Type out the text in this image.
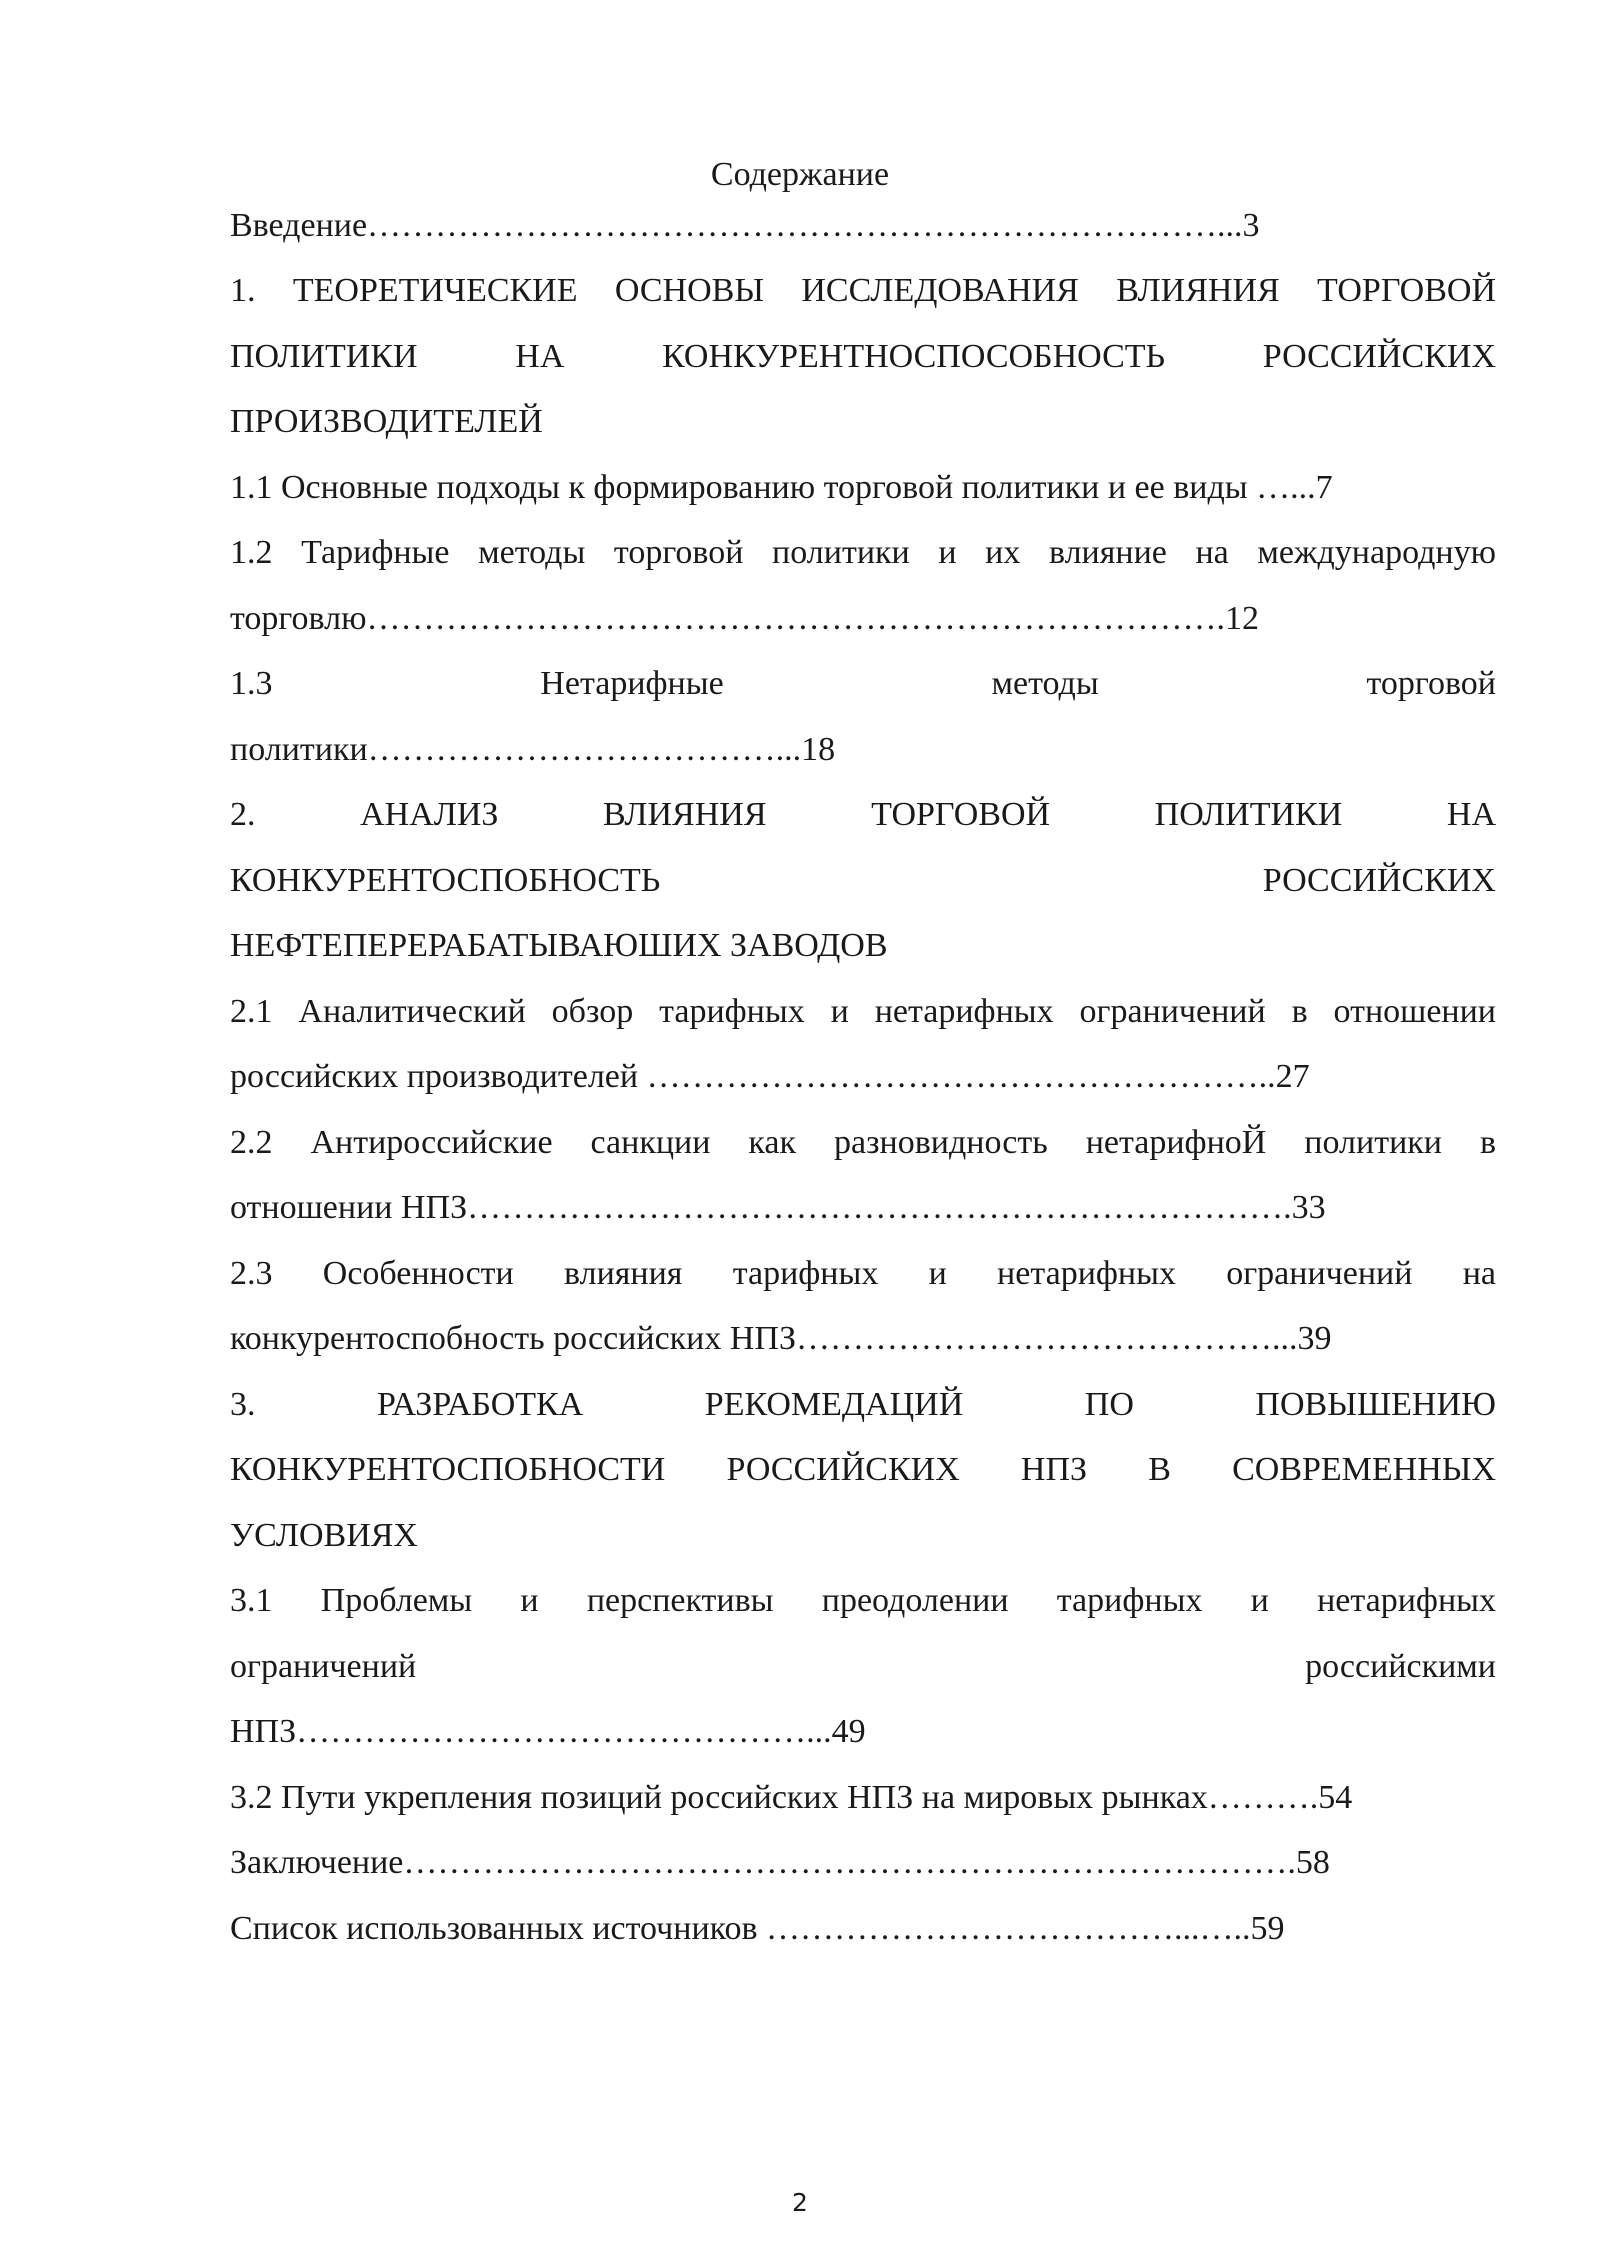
Содержание

Введение…………………………………………………………………...3

1. ТЕОРЕТИЧЕСКИЕ ОСНОВЫ ИССЛЕДОВАНИЯ ВЛИЯНИЯ ТОРГОВОЙ
ПОЛИТИКИ НА КОНКУРЕНТНОСПОСОБНОСТЬ РОССИЙСКИХ
ПРОИЗВОДИТЕЛЕЙ

1.1 Основные подходы к формированию торговой политики и ее виды …...7

1.2 Тарифные методы торговой политики и их влияние на международную
торговлю………………………………………………………………….12
1.3 Нетарифные методы торговой
политики………………………………...18
2. АНАЛИЗ ВЛИЯНИЯ ТОРГОВОЙ ПОЛИТИКИ НА
КОНКУРЕНТОСПОБНОСТЬ РОССИЙСКИХ
НЕФТЕПЕРЕРАБАТЫВАЮШИХ ЗАВОДОВ
2.1 Аналитический обзор тарифных и нетарифных ограничений в отношении
российских производителей ………………………………………………..27
2.2 Антироссийские санкции как разновидность нетарифноЙ политики в
отношении НПЗ……………………………………………………………….33
2.3 Особенности влияния тарифных и нетарифных ограничений на
конкурентоспобность российских НПЗ……………………………………...39
3. РАЗРАБОТКА РЕКОМЕДАЦИЙ ПО ПОВЫШЕНИЮ
КОНКУРЕНТОСПОБНОСТИ РОССИЙСКИХ НПЗ В СОВРЕМЕННЫХ
УСЛОВИЯХ
3.1 Проблемы и перспективы преодолении тарифных и нетарифных
ограничений российскими
НПЗ………………………………………...49

3.2 Пути укрепления позиций российских НПЗ на мировых рынках……….54

Заключение…………………………………………………………………….58

Список использованных источников ………………………………...…..59

2
